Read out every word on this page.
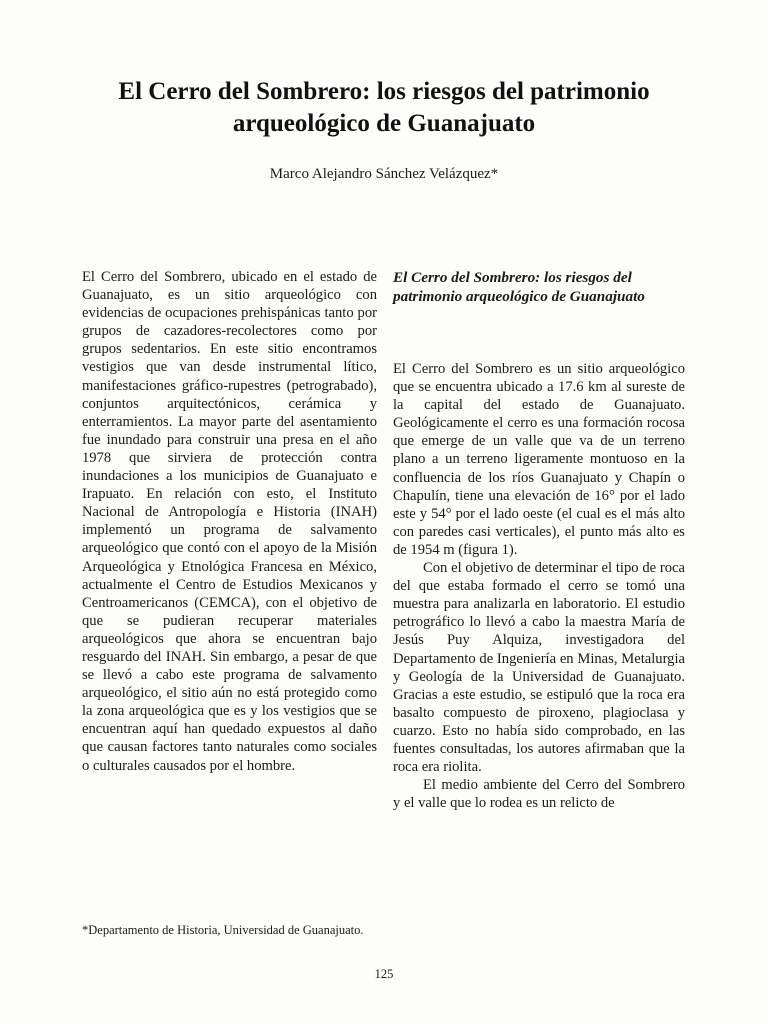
El Cerro del Sombrero: los riesgos del patrimonio arqueológico de Guanajuato
Marco Alejandro Sánchez Velázquez*

El Cerro del Sombrero, ubicado en el estado de Guanajuato, es un sitio arqueológico con evidencias de ocupaciones prehispánicas tanto por grupos de cazadores-recolectores como por grupos sedentarios. En este sitio encontramos vestigios que van desde instrumental lítico, manifestaciones gráfico-rupestres (petrograbado), conjuntos arquitectónicos, cerámica y enterramientos. La mayor parte del asentamiento fue inundado para construir una presa en el año 1978 que sirviera de protección contra inundaciones a los municipios de Guanajuato e Irapuato. En relación con esto, el Instituto Nacional de Antropología e Historia (INAH) implementó un programa de salvamento arqueológico que contó con el apoyo de la Misión Arqueológica y Etnológica Francesa en México, actualmente el Centro de Estudios Mexicanos y Centroamericanos (CEMCA), con el objetivo de que se pudieran recuperar materiales arqueológicos que ahora se encuentran bajo resguardo del INAH. Sin embargo, a pesar de que se llevó a cabo este programa de salvamento arqueológico, el sitio aún no está protegido como la zona arqueológica que es y los vestigios que se encuentran aquí han quedado expuestos al daño que causan factores tanto naturales como sociales o culturales causados por el hombre.

El Cerro del Sombrero: los riesgos del patrimonio arqueológico de Guanajuato

El Cerro del Sombrero es un sitio arqueológico que se encuentra ubicado a 17.6 km al sureste de la capital del estado de Guanajuato. Geológicamente el cerro es una formación rocosa que emerge de un valle que va de un terreno plano a un terreno ligeramente montuoso en la confluencia de los ríos Guanajuato y Chapín o Chapulín, tiene una elevación de 16° por el lado este y 54° por el lado oeste (el cual es el más alto con paredes casi verticales), el punto más alto es de 1954 m (figura 1).

Con el objetivo de determinar el tipo de roca del que estaba formado el cerro se tomó una muestra para analizarla en laboratorio. El estudio petrográfico lo llevó a cabo la maestra María de Jesús Puy Alquiza, investigadora del Departamento de Ingeniería en Minas, Metalurgia y Geología de la Universidad de Guanajuato. Gracias a este estudio, se estipuló que la roca era basalto compuesto de piroxeno, plagioclasa y cuarzo. Esto no había sido comprobado, en las fuentes consultadas, los autores afirmaban que la roca era riolita.

El medio ambiente del Cerro del Sombrero y el valle que lo rodea es un relicto de

*Departamento de Historia, Universidad de Guanajuato.
125
